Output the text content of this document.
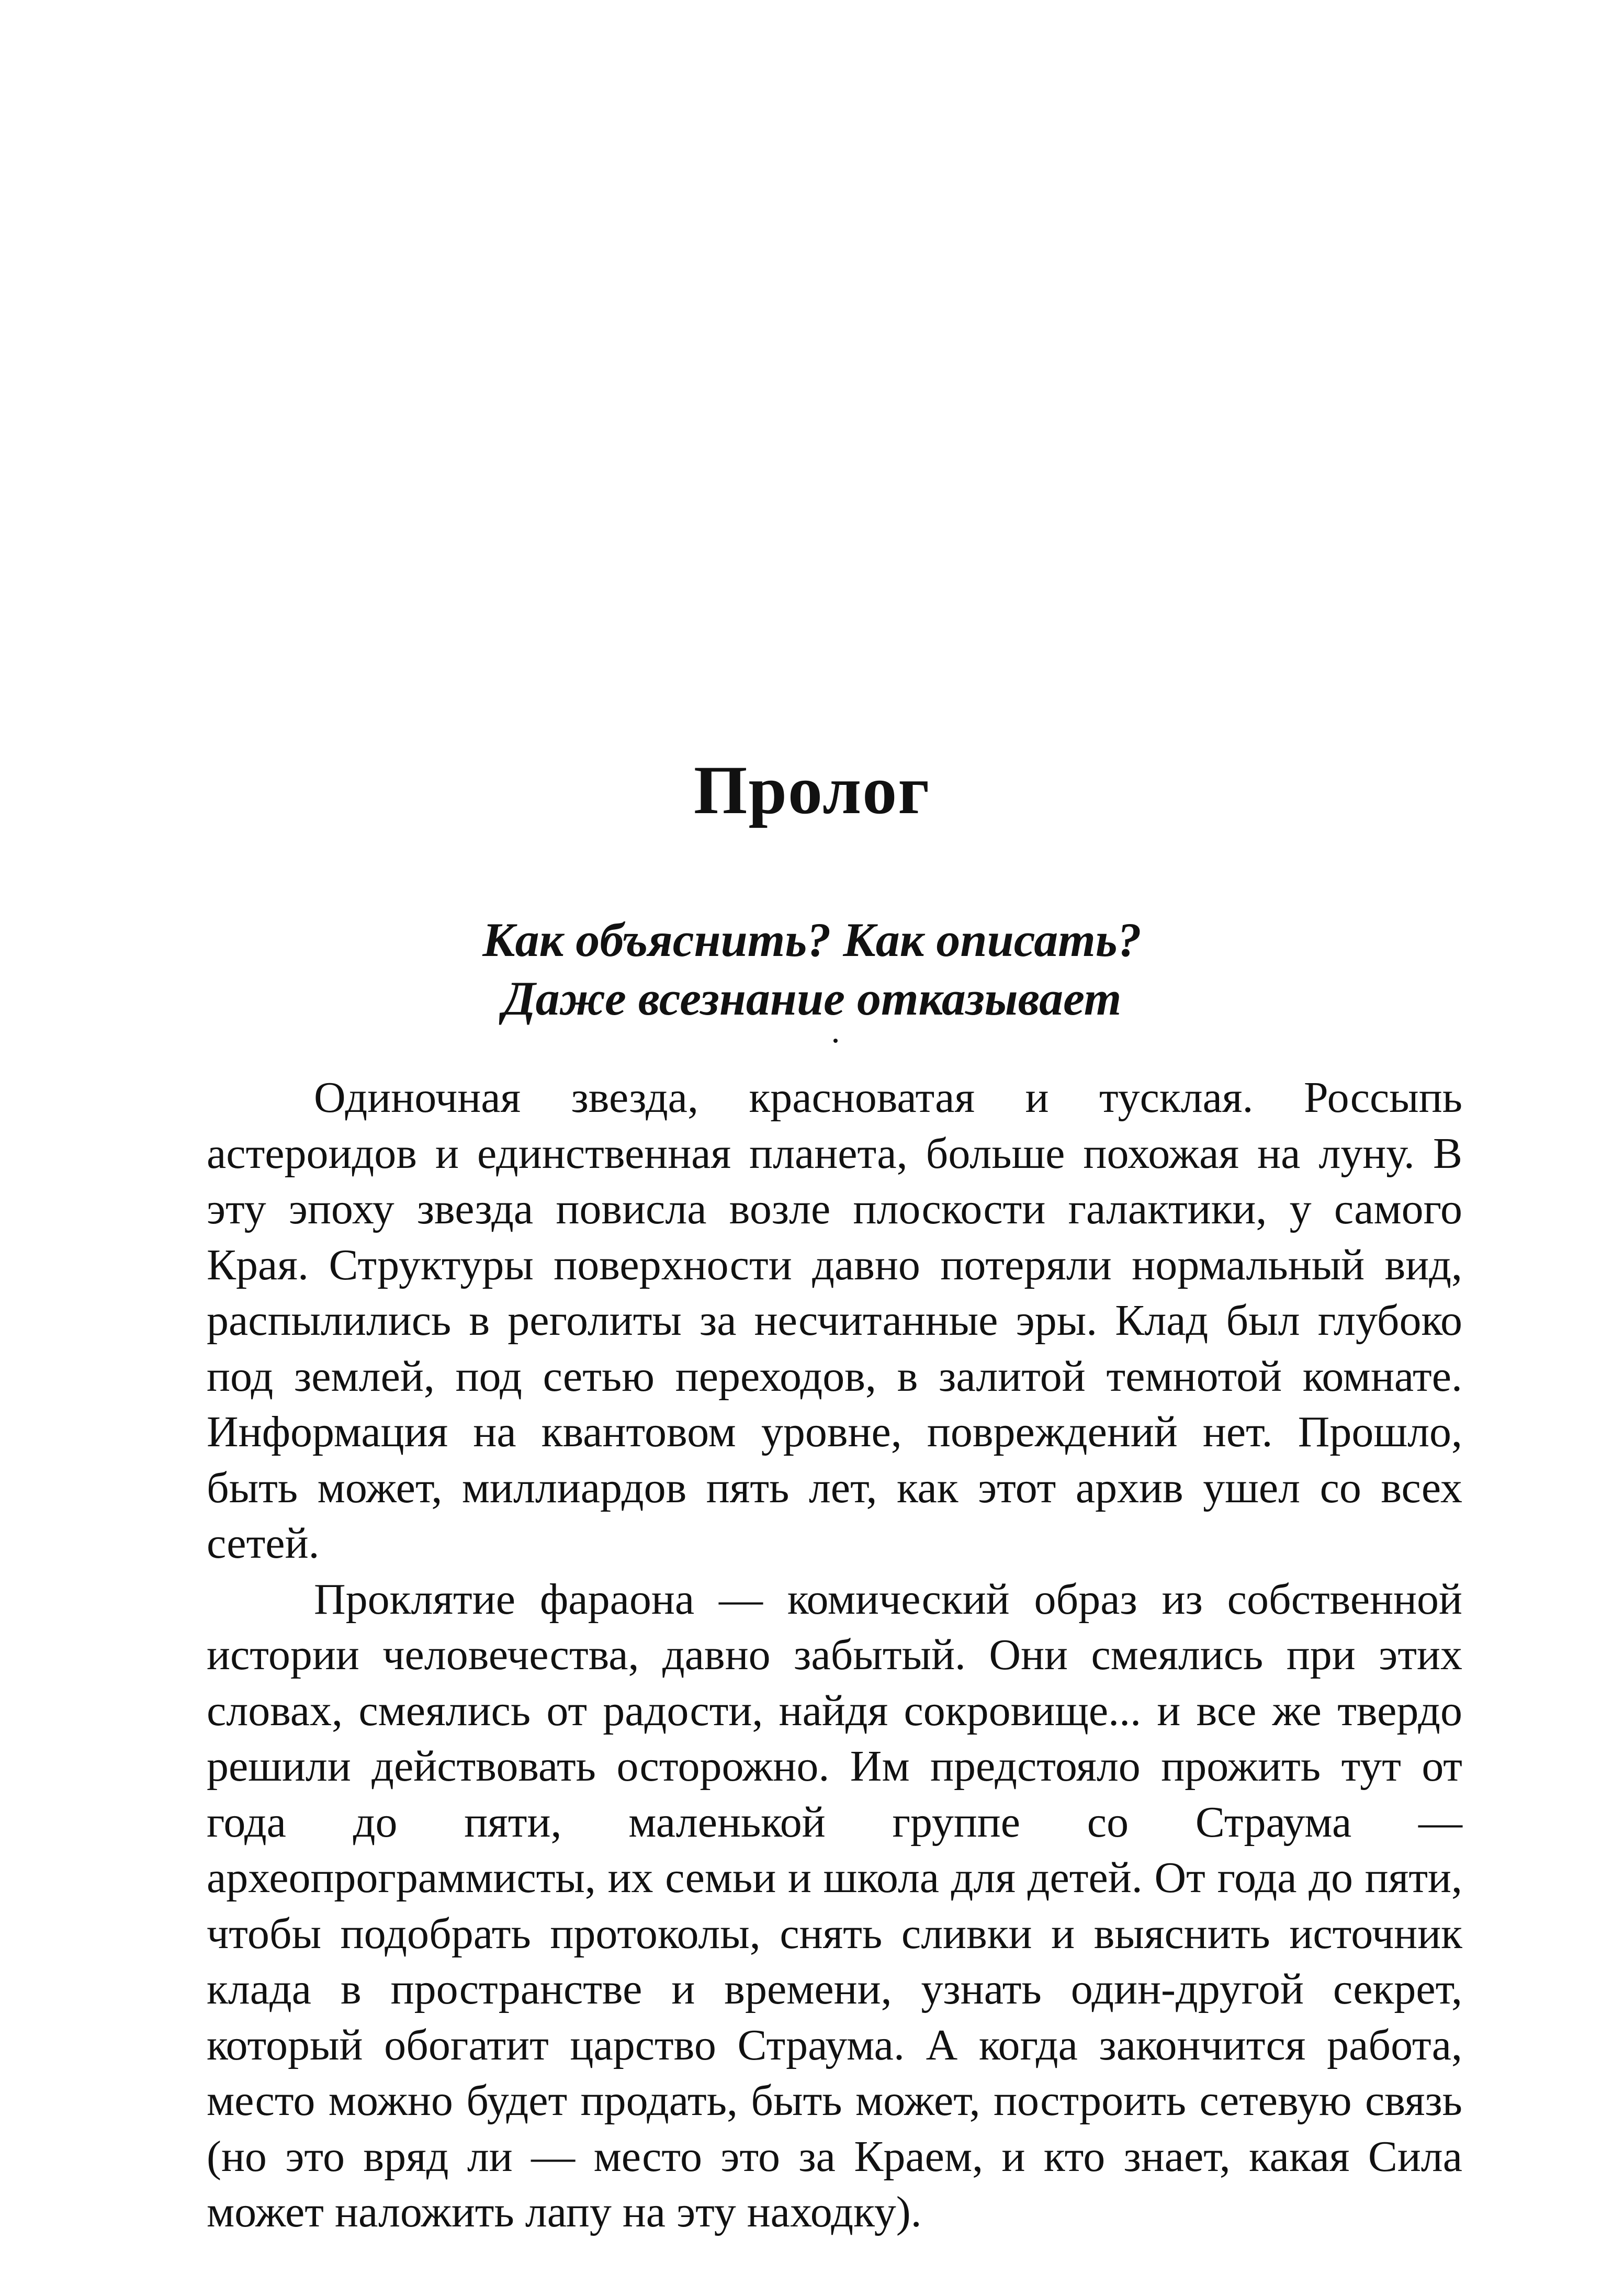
Пролог
Как объяснить? Как описать?
Даже всезнание отказывает

Одиночная звезда, красноватая и тусклая. Россыпь астероидов и единственная планета, больше похожая на луну. В эту эпоху звезда повисла возле плоскости галактики, у самого Края. Структуры поверхности давно потеряли нормальный вид, распылились в реголиты за несчитанные эры. Клад был глубоко под землей, под сетью переходов, в залитой темнотой комнате. Информация на квантовом уровне, повреждений нет. Прошло, быть может, миллиардов пять лет, как этот архив ушел со всех сетей.

Проклятие фараона — комический образ из собственной истории человечества, давно забытый. Они смеялись при этих словах, смеялись от радости, найдя сокровище... и все же твердо решили действовать осторожно. Им предстояло прожить тут от года до пяти, маленькой группе со Страума — археопрограммисты, их семьи и школа для детей. От года до пяти, чтобы подобрать протоколы, снять сливки и выяснить источник клада в пространстве и времени, узнать один-другой секрет, который обогатит царство Страума. А когда закончится работа, место можно будет продать, быть может, построить сетевую связь (но это вряд ли — место это за Краем, и кто знает, какая Сила может наложить лапу на эту находку).
